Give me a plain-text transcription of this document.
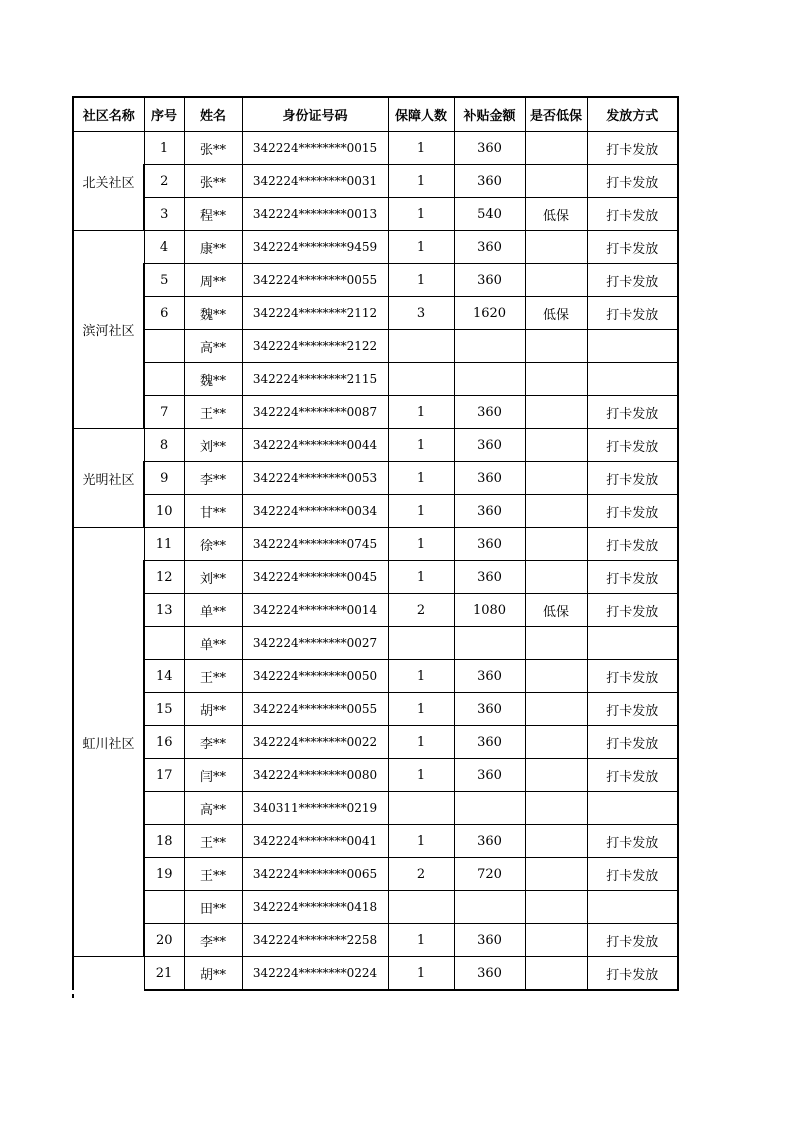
社区名称	序号	姓名	身份证号码	保障人数	补贴金额	是否低保	发放方式
北关社区	1	张**	342224********0015	1	360		打卡发放
	2	张**	342224********0031	1	360		打卡发放
	3	程**	342224********0013	1	540	低保	打卡发放
滨河社区	4	康**	342224********9459	1	360		打卡发放
	5	周**	342224********0055	1	360		打卡发放
	6	魏**	342224********2112	3	1620	低保	打卡发放
		高**	342224********2122				
		魏**	342224********2115				
	7	王**	342224********0087	1	360		打卡发放
光明社区	8	刘**	342224********0044	1	360		打卡发放
	9	李**	342224********0053	1	360		打卡发放
	10	甘**	342224********0034	1	360		打卡发放
虹川社区	11	徐**	342224********0745	1	360		打卡发放
	12	刘**	342224********0045	1	360		打卡发放
	13	单**	342224********0014	2	1080	低保	打卡发放
		单**	342224********0027				
	14	王**	342224********0050	1	360		打卡发放
	15	胡**	342224********0055	1	360		打卡发放
	16	李**	342224********0022	1	360		打卡发放
	17	闫**	342224********0080	1	360		打卡发放
		高**	340311********0219				
	18	王**	342224********0041	1	360		打卡发放
	19	王**	342224********0065	2	720		打卡发放
		田**	342224********0418				
	20	李**	342224********2258	1	360		打卡发放
	21	胡**	342224********0224	1	360		打卡发放
